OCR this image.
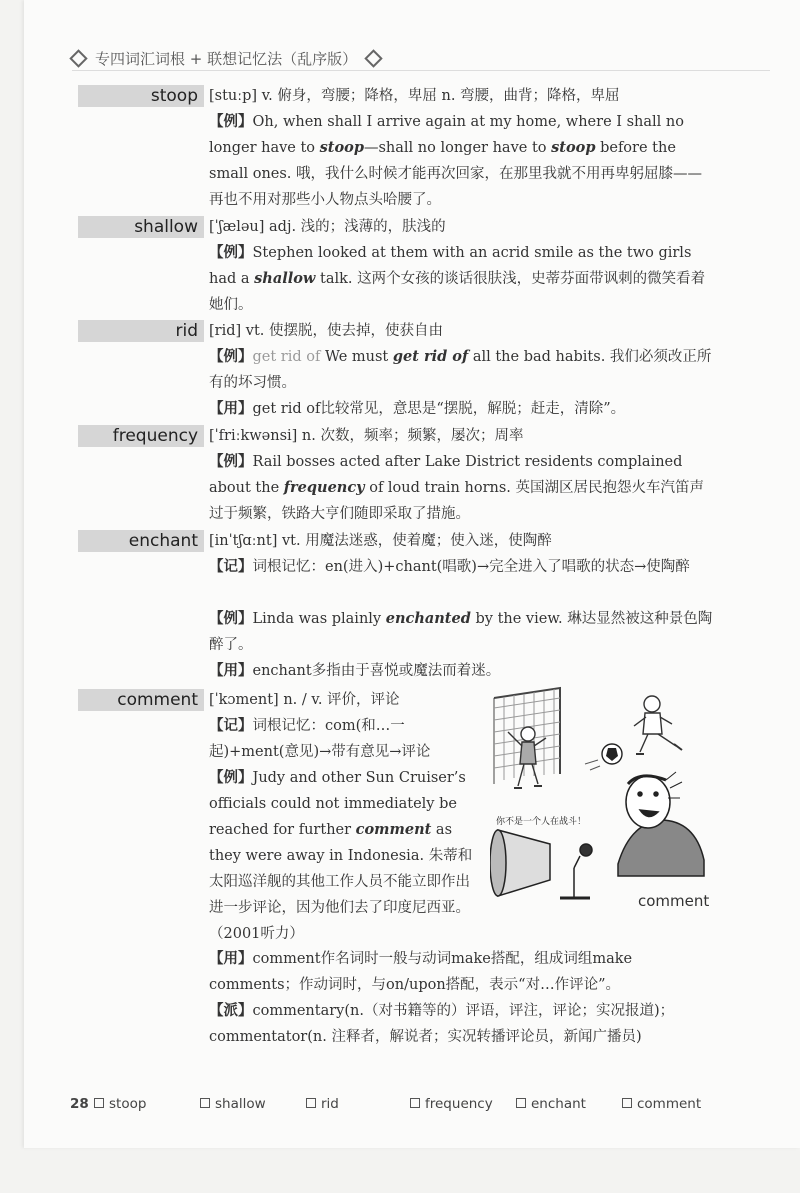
专四词汇词根 + 联想记忆法（乱序版）
stoop [stuːp] v. 俯身，弯腰；降格，卑屈 n. 弯腰，曲背；降格，卑屈
【例】Oh, when shall I arrive again at my home, where I shall no longer have to stoop—shall no longer have to stoop before the small ones. 哦，我什么时候才能再次回家，在那里我就不用再卑躬屈膝——再也不用对那些小人物点头哈腰了。
shallow [ˈʃæləu] adj. 浅的；浅薄的，肤浅的
【例】Stephen looked at them with an acrid smile as the two girls had a shallow talk. 这两个女孩的谈话很肤浅，史蒂芬面带讽刺的微笑看着她们。
rid [rid] vt. 使摆脱，使去掉，使获自由
【例】get rid of We must get rid of all the bad habits. 我们必须改正所有的坏习惯。
【用】get rid of比较常见，意思是“摆脱，解脱；赶走，清除”。
frequency [ˈfriːkwənsi] n. 次数，频率；频繁，屡次；周率
【例】Rail bosses acted after Lake District residents complained about the frequency of loud train horns. 英国湖区居民抱怨火车汽笛声过于频繁，铁路大亨们随即采取了措施。
enchant [inˈtʃɑːnt] vt. 用魔法迷惑，使着魔；使入迷，使陶醉
【记】词根记忆：en(进入)+chant(唱歌)→完全进入了唱歌的状态→使陶醉
【例】Linda was plainly enchanted by the view. 琳达显然被这种景色陶醉了。
【用】enchant多指由于喜悦或魔法而着迷。
comment [ˈkɔment] n. / v. 评价，评论
【记】词根记忆：com(和…一起)+ment(意见)→带有意见→评论
【例】Judy and other Sun Cruiser’s officials could not immediately be reached for further comment as they were away in Indonesia. 朱蒂和太阳巡洋舰的其他工作人员不能立即作出进一步评论，因为他们去了印度尼西亚。（2001听力）
【用】comment作名词时一般与动词make搭配，组成词组make comments；作动词时，与on/upon搭配，表示“对…作评论”。
【派】commentary(n.（对书籍等的）评语，评注，评论；实况报道)；commentator(n. 注释者，解说者；实况转播评论员，新闻广播员)
你不是一个人在战斗！
comment
28	stoop	shallow	rid	frequency	enchant	comment
